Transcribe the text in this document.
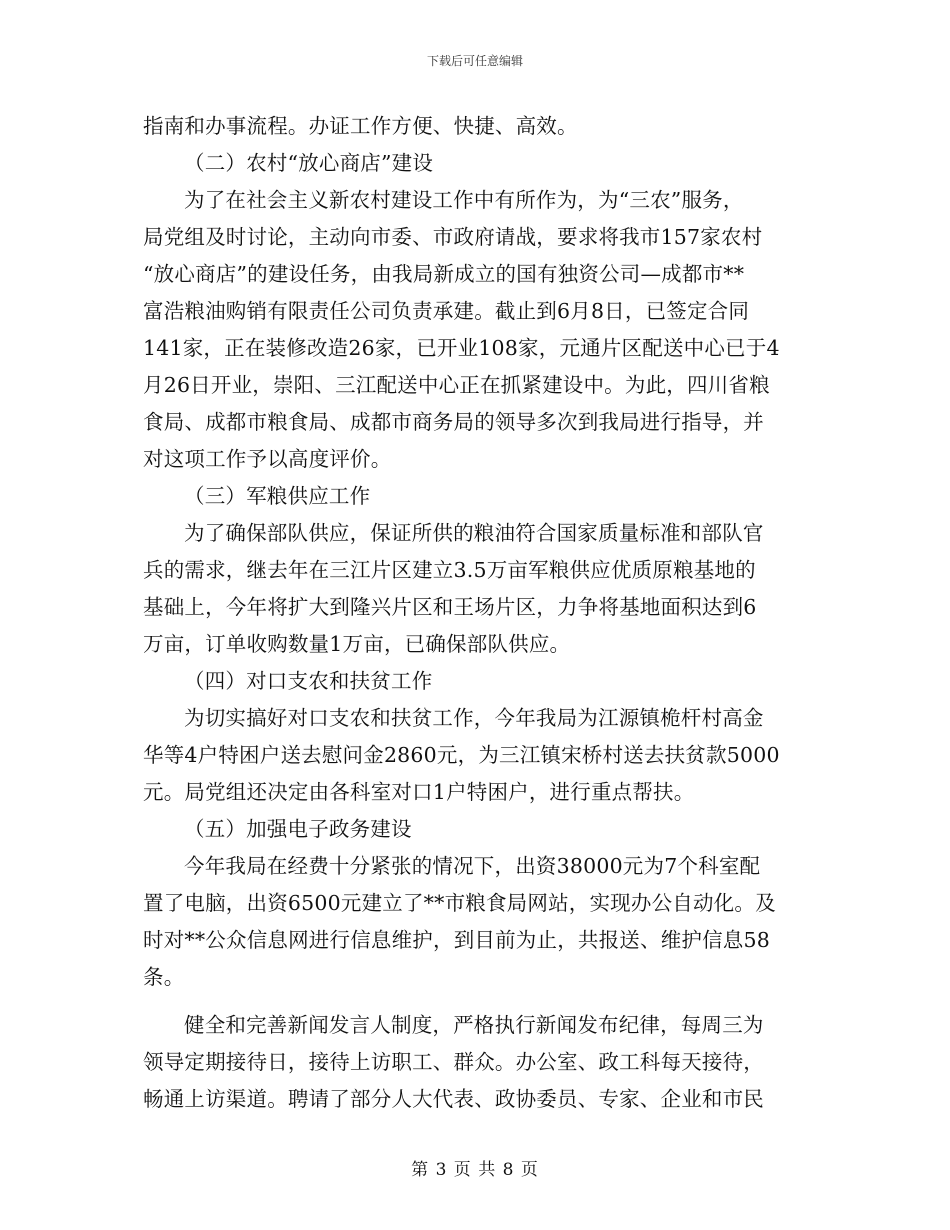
下载后可任意编辑
指南和办事流程。办证工作方便、快捷、高效。
（二）农村“放心商店”建设
为了在社会主义新农村建设工作中有所作为，为“三农”服务，
局党组及时讨论，主动向市委、市政府请战，要求将我市157家农村
“放心商店”的建设任务，由我局新成立的国有独资公司—成都市**
富浩粮油购销有限责任公司负责承建。截止到6月8日，已签定合同
141家，正在装修改造26家，已开业108家，元通片区配送中心已于4
月26日开业，崇阳、三江配送中心正在抓紧建设中。为此，四川省粮
食局、成都市粮食局、成都市商务局的领导多次到我局进行指导，并
对这项工作予以高度评价。
（三）军粮供应工作
为了确保部队供应，保证所供的粮油符合国家质量标准和部队官
兵的需求，继去年在三江片区建立3.5万亩军粮供应优质原粮基地的
基础上，今年将扩大到隆兴片区和王场片区，力争将基地面积达到6
万亩，订单收购数量1万亩，已确保部队供应。
（四）对口支农和扶贫工作
为切实搞好对口支农和扶贫工作，今年我局为江源镇桅杆村高金
华等4户特困户送去慰问金2860元，为三江镇宋桥村送去扶贫款5000
元。局党组还决定由各科室对口1户特困户，进行重点帮扶。
（五）加强电子政务建设
今年我局在经费十分紧张的情况下，出资38000元为7个科室配
置了电脑，出资6500元建立了**市粮食局网站，实现办公自动化。及
时对**公众信息网进行信息维护，到目前为止，共报送、维护信息58
条。
健全和完善新闻发言人制度，严格执行新闻发布纪律，每周三为
领导定期接待日，接待上访职工、群众。办公室、政工科每天接待，
畅通上访渠道。聘请了部分人大代表、政协委员、专家、企业和市民
第 3 页 共 8 页
